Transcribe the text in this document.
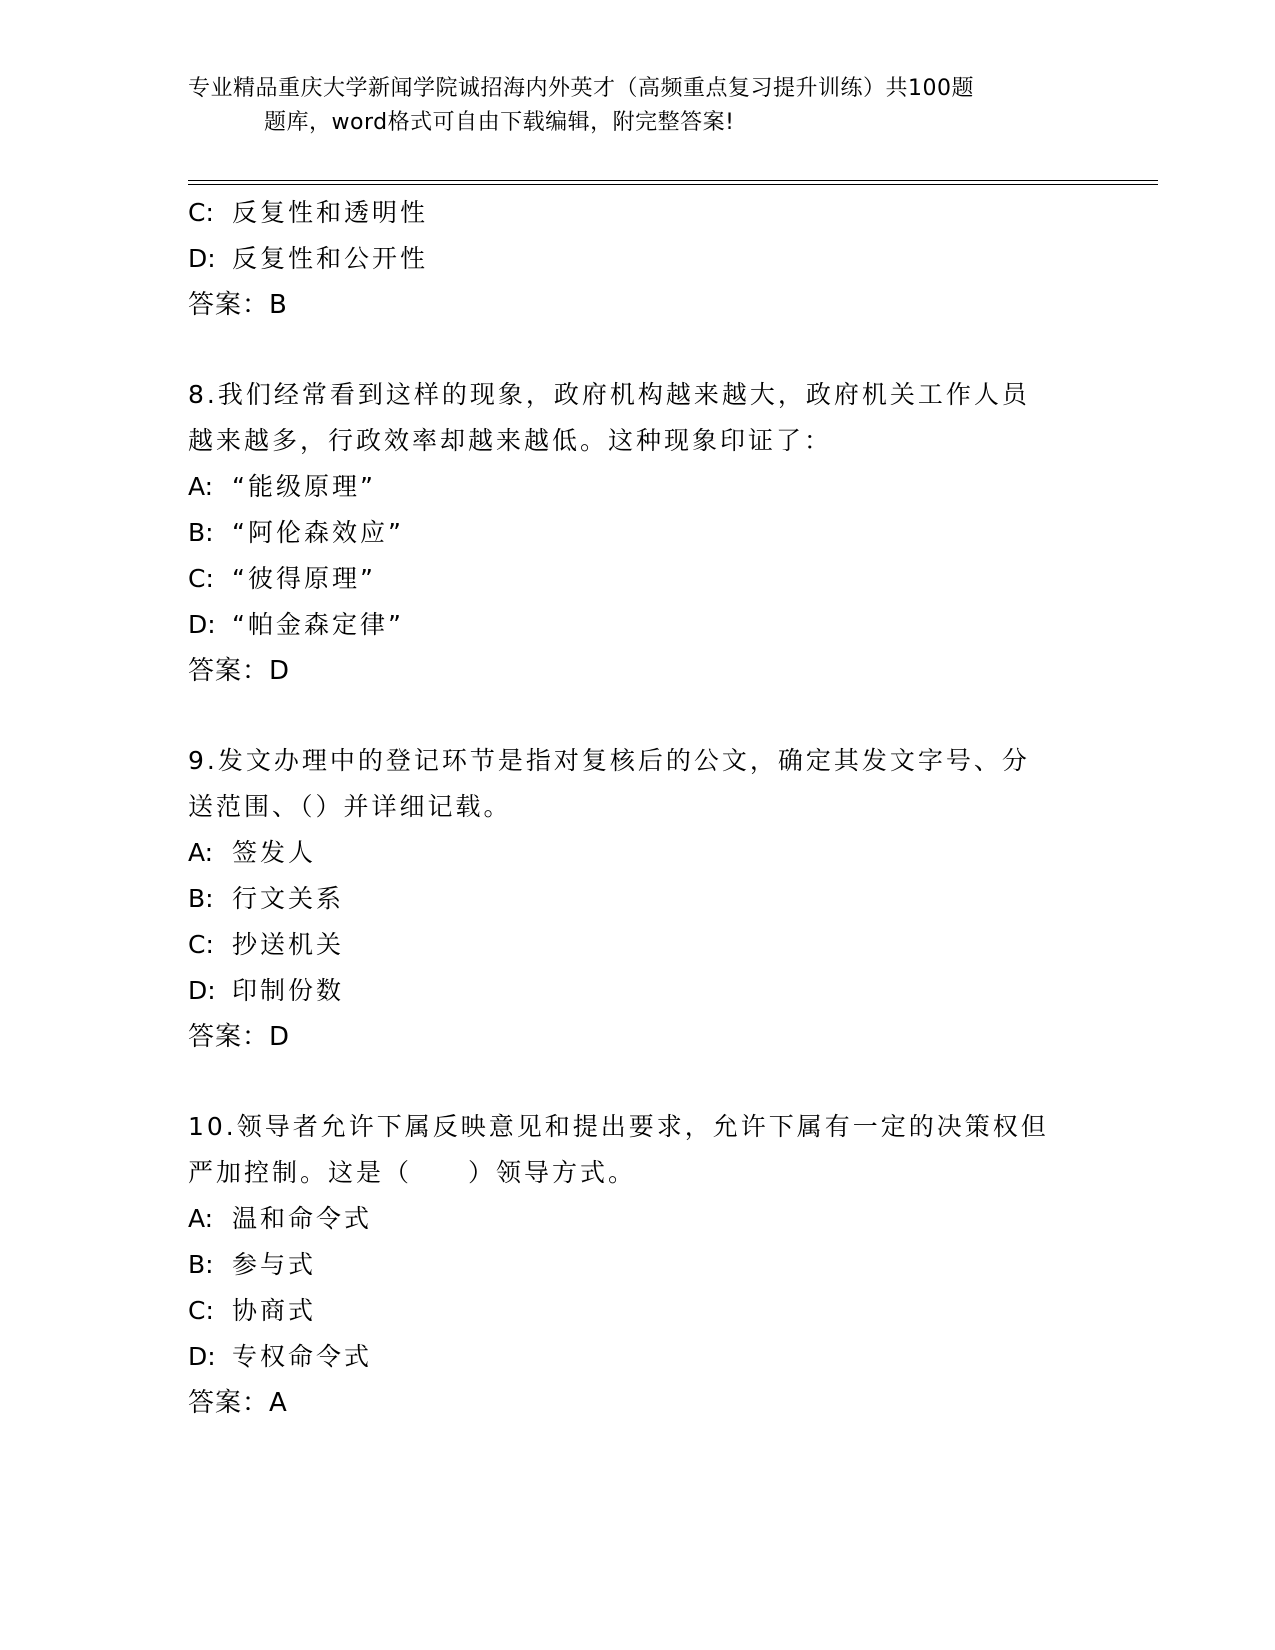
专业精品重庆大学新闻学院诚招海内外英才（高频重点复习提升训练）共100题
题库，word格式可自由下载编辑，附完整答案!
C: 反复性和透明性
D: 反复性和公开性
答案：B
8.我们经常看到这样的现象，政府机构越来越大，政府机关工作人员
越来越多，行政效率却越来越低。这种现象印证了：
A: “能级原理”
B: “阿伦森效应”
C: “彼得原理”
D: “帕金森定律”
答案：D
9.发文办理中的登记环节是指对复核后的公文，确定其发文字号、分
送范围、（）并详细记载。
A: 签发人
B: 行文关系
C: 抄送机关
D: 印制份数
答案：D
10.领导者允许下属反映意见和提出要求，允许下属有一定的决策权但
严加控制。这是（　　）领导方式。
A: 温和命令式
B: 参与式
C: 协商式
D: 专权命令式
答案：A
